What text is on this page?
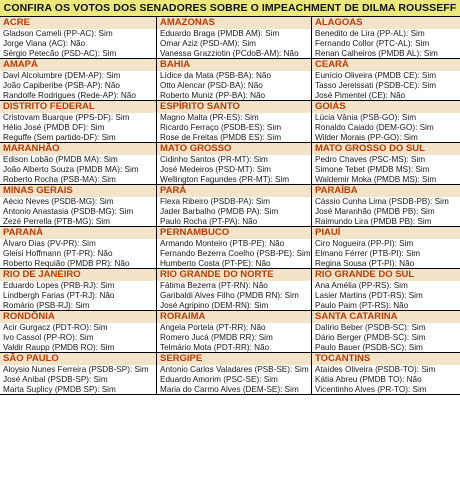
CONFIRA OS VOTOS DOS SENADORES SOBRE O IMPEACHMENT DE DILMA ROUSSEFF
ACRE
Gladson Cameli (PP-AC): Sim
Jorge Viana (AC): Não
Sérgio Petecão (PSD-AC): Sim
AMAZONAS
Eduardo Braga (PMDB AM): Sim
Omar Aziz (PSD-AM): Sim
Vanessa Grazziotin (PCdoB-AM): Não
ALAGOAS
Benedito de Lira (PP-AL): Sim
Fernando Collor (PTC-AL): Sim
Renan Calheiros (PMDB AL): Sim
AMAPÁ
Davi Alcolumbre (DEM-AP): Sim
João Capiberibe (PSB-AP): Não
Randolfe Rodrigues (Rede-AP): Não
BAHIA
Lídice da Mata (PSB-BA): Não
Otto Alencar (PSD-BA): Não
Roberto Muniz (PP-BA): Não
CEARÁ
Eunício Oliveira (PMDB CE): Sim
Tasso Jereissati (PSDB-CE): Sim
José Pimentel (CE): Não
DISTRITO FEDERAL
Cristovam Buarque (PPS-DF): Sim
Hélio José (PMDB DF): Sim
Reguffe (Sem partido-DF): Sim
ESPÍRITO SANTO
Magno Malta (PR-ES): Sim
Ricardo Ferraço (PSDB-ES): Sim
Rose de Freitas (PMDB ES): Sim
GOIÁS
Lúcia Vânia (PSB-GO): Sim
Ronaldo Caiado (DEM-GO): Sim
Wilder Morais (PP-GO): Sim
MARANHÃO
Edison Lobão (PMDB MA): Sim
João Alberto Souza (PMDB MA): Sim
Roberto Rocha (PSB-MA): Sim
MATO GROSSO
Cidinho Santos (PR-MT): Sim
José Medeiros (PSD-MT): Sim
Wellington Fagundes (PR-MT): Sim
MATO GROSSO DO SUL
Pedro Chaves (PSC-MS): Sim
Simone Tebet (PMDB MS): Sim
Waldemir Moka (PMDB MS): Sim
MINAS GERAIS
Aécio Neves (PSDB-MG): Sim
Antonio Anastasia (PSDB-MG): Sim
Zezé Perrella (PTB-MG): Sim
PARÁ
Flexa Ribeiro (PSDB-PA): Sim
Jader Barbalho (PMDB PA): Sim
Paulo Rocha (PT-PA): Não
PARAÍBA
Cássio Cunha Lima (PSDB-PB): Sim
José Maranhão (PMDB PB): Sim
Raimundo Lira (PMDB PB): Sim
PARANÁ
Álvaro Dias (PV-PR): Sim
Gleisi Hoffmann (PT-PR): Não
Roberto Requião (PMDB PR): Não
PERNAMBUCO
Armando Monteiro (PTB-PE): Não
Fernando Bezerra Coelho (PSB-PE): Sim
Humberto Costa (PT-PE): Não
PIAUÍ
Ciro Nogueira (PP-PI): Sim
Elmano Férrer (PTB-PI): Sim
Regina Sousa (PT-PI): Não
RIO DE JANEIRO
Eduardo Lopes (PRB-RJ): Sim
Lindbergh Farias (PT-RJ): Não
Romário (PSB-RJ): Sim
RIO GRANDE DO NORTE
Fátima Bezerra (PT-RN): Não
Garibaldi Alves Filho (PMDB RN): Sim
José Agripino (DEM-RN): Sim
RIO GRANDE DO SUL
Ana Amélia (PP-RS): Sim
Lasier Martins (PDT-RS): Sim
Paulo Paim (PT-RS): Não
RONDÔNIA
Acir Gurgacz (PDT-RO): Sim
Ivo Cassol (PP-RO): Sim
Valdir Raupp (PMDB RO): Sim
RORAIMA
Angela Portela (PT-RR): Não
Romero Jucá (PMDB RR): Sim
Telmário Mota (PDT-RR): Não
SANTA CATARINA
Dalírio Beber (PSDB-SC): Sim
Dário Berger (PMDB-SC): Sim
Paulo Bauer (PSDB-SC): Sim
SÃO PAULO
Aloysio Nunes Ferreira (PSDB-SP): Sim
José Aníbal (PSDB-SP): Sim
Marta Suplicy (PMDB SP): Sim
SERGIPE
Antonio Carlos Valadares (PSB-SE): Sim
Eduardo Amorim (PSC-SE): Sim
Maria do Carmo Alves (DEM-SE): Sim
TOCANTINS
Ataídes Oliveira (PSDB-TO): Sim
Kátia Abreu (PMDB TO): Não
Vicentinho Alves (PR-TO): Sim
